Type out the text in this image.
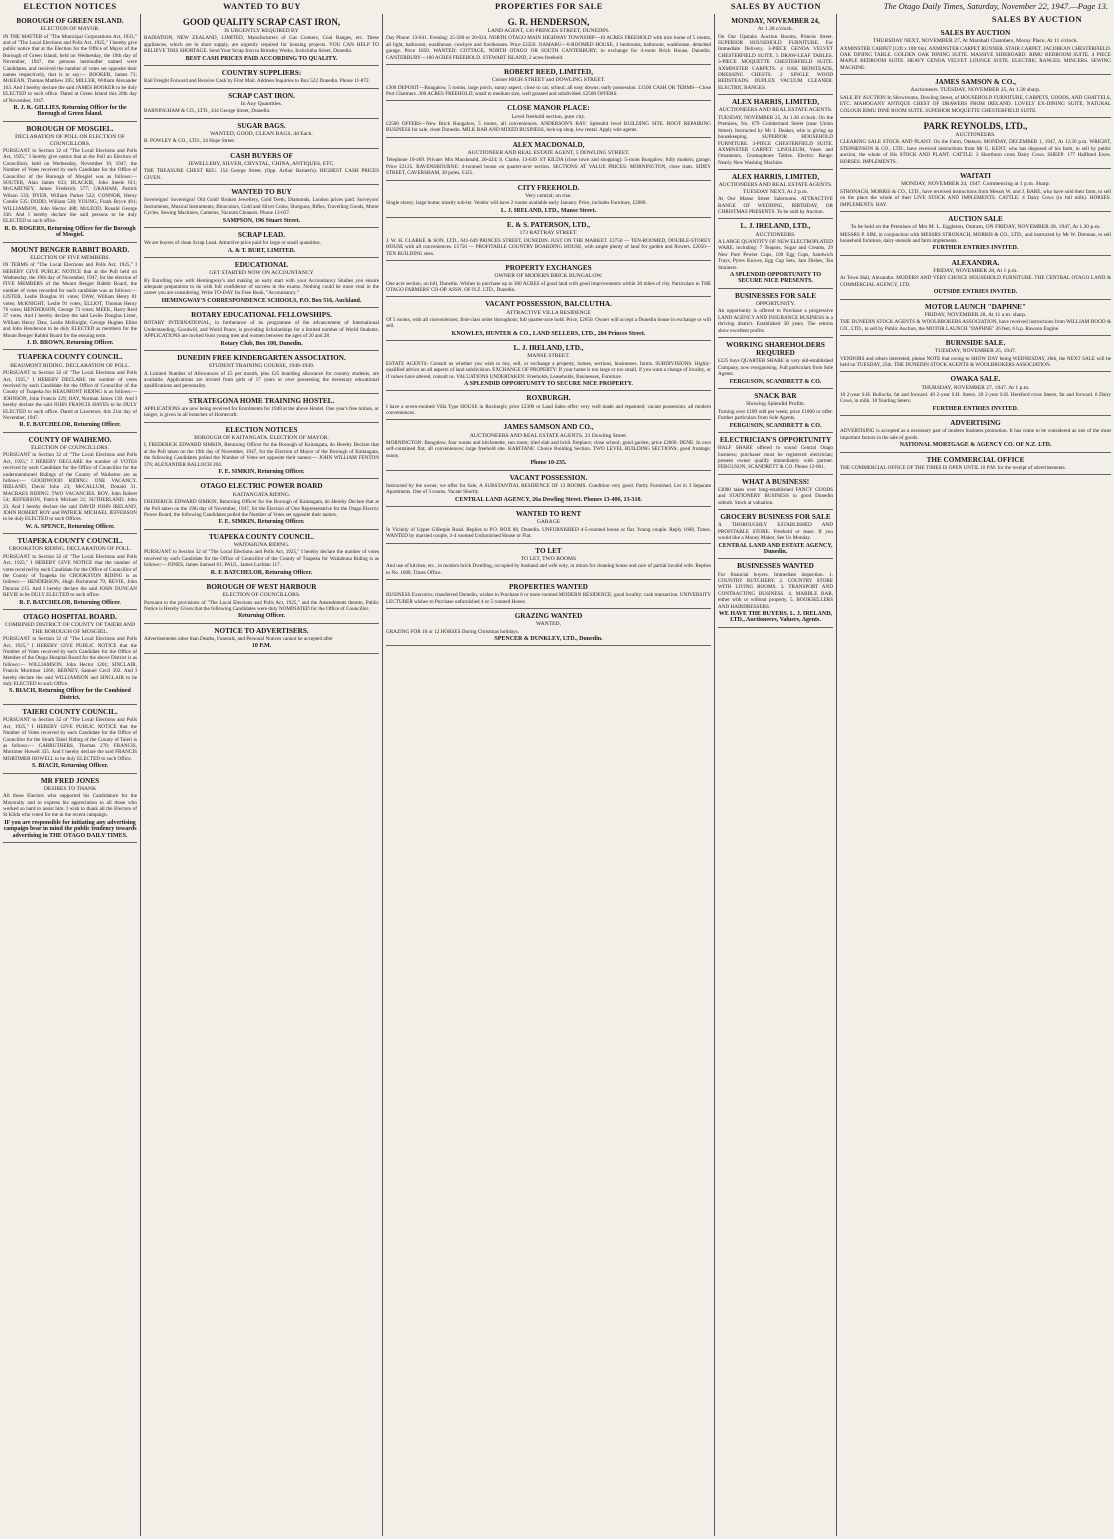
ELECTION NOTICES	WANTED TO BUY	PROPERTIES FOR SALE	SALES BY AUCTION
SALES BY AUCTION
The Otago Daily Times, Saturday, November 22, 1947.—Page 13.
BOROUGH OF GREEN ISLAND.
ELECTION OF MAYOR.
IN THE MATTER of "The Municipal Corporations Act, 1933," and of "The Local Elections and Polls Act, 1925," I hereby give public notice that at the Election for the Office of Mayor of the Borough of Green Island, held on Wednesday, the 19th day of November, 1947, the persons hereinafter named were Candidates, and received the number of votes set opposite their names respectively, that is to say:— BOOKER, James 71; McKEAN, Thomas Matthew 285; MILLER, William Alexander 163. And I hereby declare the said JAMES BOOKER to be duly ELECTED to such office. Dated at Green Island this 20th day of November, 1947.
R. J. K. GILLIES, Returning Officer for the Borough of Green Island.
BOROUGH OF MOSGIEL.
DECLARATION OF POLL ON ELECTION OF COUNCILLORS.
PURSUANT to Section 32 of "The Local Elections and Polls Act, 1925," I hereby give notice that at the Poll on Election of Councillors, held on Wednesday, November 19, 1947, the Number of Votes received by each Candidate for the Office of Councillor of the Borough of Mosgiel was as follows:— SOUTER, Alan James 633; BLACKIE, John Steele 611; McCARTNEY, James Frederick 577; GRAHAM, Patrick Wilson 533; DYER, William Parker 532; CONNOR, Henry Condie 535; DODD, William 538; YOUNG, Frank Bryce 491; WILLIAMSON, John Hector 488; McLEOD, Ronald George 336. And I hereby declare the said persons to be duly ELECTED to such office.
R. D. ROGERS, Returning Officer for the Borough of Mosgiel.
MOUNT BENGER RABBIT BOARD.
ELECTION OF FIVE MEMBERS.
IN TERMS of "The Local Elections and Polls Act, 1925," I HEREBY GIVE PUBLIC NOTICE that at the Poll held on Wednesday, the 19th day of November, 1947, for the election of FIVE MEMBERS of the Mount Benger Rabbit Board, the number of votes recorded for each candidate was as follows:— LISTER, Leslie Douglas 81 votes; DAW, William Henry 81 votes; McKNIGHT, Leslie 91 votes; ELLIOT, Thomas Henry 76 votes; HENDERSON, George 73 votes; MEEK, Harry Reid 37 votes. And I hereby declare the said Leslie Douglas Lister, William Henry Daw, Leslie McKnight, George Hughes Elliot and John Henderson to be duly ELECTED as members for the Mount Benger Rabbit Board for the ensuing term.
J. D. BROWN, Returning Officer.
TUAPEKA COUNTY COUNCIL.
BEAUMONT RIDING. DECLARATION OF POLL.
PURSUANT to Section 32 of "The Local Elections and Polls Act, 1925," I HEREBY DECLARE the number of votes received by each Candidate for the Office of Councillor of the County of Tuapeka for BEAUMONT RIDING is as follows:— JOHNSON, John Francis 129; HAY, Norman James 139. And I hereby declare the said JOHN FRANCIS HAYES to be DULY ELECTED to such office. Dated at Lawrence, this 21st day of November, 1947.
R. F. BATCHELOR, Returning Officer.
COUNTY OF WAIHEMO.
ELECTION OF COUNCILLORS.
PURSUANT to Section 32 of "The Local Elections and Polls Act, 1925," I HEREBY DECLARE the number of VOTES received by each Candidate for the Office of Councillor for the undermentioned Ridings of the County of Waihemo are as follows:— GOODWOOD RIDING: ONE VACANCY. IRELAND, David John 23; McCALLUM, Donald 31. MACRAES RIDING: TWO VACANCIES. ROY, John Robert 54; JEFFERSON, Patrick Michael 31; SUTHERLAND, John 23. And I hereby declare the said DAVID JOHN IRELAND, JOHN ROBERT ROY and PATRICK MICHAEL JEFFERSON to be duly ELECTED to such Offices.
W. A. SPENCE, Returning Officer.
TUAPEKA COUNTY COUNCIL.
CROOKSTON RIDING. DECLARATION OF POLL.
PURSUANT to Section 32 of "The Local Elections and Polls Act, 1925," I HEREBY GIVE NOTICE that the number of votes received by each Candidate for the Office of Councillor of the County of Tuapeka for CROOKSTON RIDING is as follows:— HENDERSON, Hugh Richmond 79; REVIE, John Duncan 215. And I hereby declare the said JOHN DUNCAN REVIE to be DULY ELECTED to such office.
R. F. BATCHELOR, Returning Officer.
OTAGO HOSPITAL BOARD.
COMBINED DISTRICT OF COUNTY OF TAIERI AND THE BOROUGH OF MOSGIEL.
PURSUANT to Section 32 of "The Local Elections and Polls Act, 1925," I HEREBY GIVE PUBLIC NOTICE that the Number of Votes received by each Candidate for the Office of Member of the Otago Hospital Board for the above District is as follows:— WILLIAMSON, John Hector 1201; SINCLAIR, Francis Mortimer 1266; BERNEY, Samuel Cecil 392. And I hereby declare the said WILLIAMSON and SINCLAIR to be duly ELECTED to such Office.
S. BIACH, Returning Officer for the Combined District.
TAIERI COUNTY COUNCIL.
PURSUANT to Section 32 of "The Local Elections and Polls Act, 1925," I HEREBY GIVE PUBLIC NOTICE that the Number of Votes received by each Candidate for the Office of Councillor for the Strath Taieri Riding of the County of Taieri is as follows:— CARRUTHERS, Thomas 270; FRANCIS, Mortimer Howell 335. And I hereby declare the said FRANCIS MORTIMER HOWELL to be duly ELECTED to such Office.
S. BIACH, Returning Officer.
MR FRED JONES
DESIRES TO THANK
All those Electors who supported his Candidature for the Mayoralty and to express his appreciation to all those who worked so hard to assist him. I wish to thank all the Electors of St Kilda who voted for me in the recent campaign.
IF you are responsible for initiating any advertising campaign bear in mind the public tendency towards advertising in THE OTAGO DAILY TIMES.
GOOD QUALITY SCRAP CAST IRON,
IS URGENTLY REQUIRED BY
RADIATION, NEW ZEALAND, LIMITED, Manufacturers of Gas Cookers, Coal Ranges, etc. These appliances, which are in short supply, are urgently required for housing projects. YOU CAN HELP TO RELIEVE THIS SHORTAGE. Send Your Scrap Iron to Brinsley Works, Inchclutha Street, Dunedin.
BEST CASH PRICES PAID ACCORDING TO QUALITY.
COUNTRY SUPPLIERS:
Rail Freight Forward and Receive Cash by First Mail. Address Inquiries to Box 522 Dunedin. Phone 11-872.
SCRAP CAST IRON.
In Any Quantities.
BARNINGHAM & CO., LTD., 434 George Street, Dunedin.
SUGAR BAGS.
WANTED, GOOD, CLEAN BAGS, 4d Each.
R. POWLEY & CO., LTD., 24 Hope Street.
CASH BUYERS OF
JEWELLERY, SILVER, CRYSTAL, CHINA, ANTIQUES, ETC.
THE TREASURE CHEST REG. 154 George Street. (Opp. Arthur Barnett's). HIGHEST CASH PRICES GIVEN.
WANTED TO BUY
Sovereigns! Sovereigns! Old Gold! Broken Jewellery, Gold Teeth, Diamonds, London prices paid. Surveyors' Instruments, Musical Instruments, Binoculars, Gold and Silver Coins, Shotguns, Rifles, Travelling Goods, Motor Cycles, Sewing Machines, Cameras, Vacuum Cleaners. Phone 13-637.
SAMPSON, 196 Stuart Street.
SCRAP LEAD.
We are buyers of clean Scrap Lead. Attractive price paid for large or small quantities.
A. & T. BURT, LIMITED.
EDUCATIONAL
GET STARTED NOW ON ACCOUNTANCY
By Enrolling now with Hemingway's and making an early start with your Accountancy Studies you ensure adequate preparation to do with full confidence of success in the exams. Nothing could be more vital in the career you are considering. Write TO-DAY for Free Book, "Accountancy."
HEMINGWAY'S CORRESPONDENCE SCHOOLS, P.O. Box 516, Auckland.
ROTARY EDUCATIONAL FELLOWSHIPS.
ROTARY INTERNATIONAL, in furtherance of its programme of the advancement of International Understanding, Goodwill, and World Peace, is providing Scholarships for a limited number of World Students. APPLICATIONS are invited from young men and women between the ages of 20 and 28.
Rotary Club, Box 108, Dunedin.
DUNEDIN FREE KINDERGARTEN ASSOCIATION.
STUDENT TRAINING COURSE, 1948-1949.
A Limited Number of Allowances of £5 per month, plus £25 boarding allowance for country students, are available. Applications are invited from girls of 17 years or over possessing the necessary educational qualifications and personality.
STRATEGONA HOME TRAINING HOSTEL.
APPLICATIONS are now being received for Enrolments for 1948 at the above Hostel. One year's free tuition, or longer, is given in all branches of Homecraft.
ELECTION NOTICES
BOROUGH OF KAITANGATA. ELECTION OF MAYOR.
I, FREDERICK EDWARD SIMKIN, Returning Officer for the Borough of Kaitangata, do Hereby Declare that at the Poll taken on the 19th day of November, 1947, for the Election of Mayor of the Borough of Kaitangata, the following Candidates polled the Number of Votes set opposite their names:— JOHN WILLIAM FENTON 376; ALEXANDER BALLOCH 204.
F. E. SIMKIN, Returning Officer.
OTAGO ELECTRIC POWER BOARD
KAITANGATA RIDING.
FREDERICK EDWARD SIMKIN, Returning Officer for the Borough of Kaitangata, do Hereby Declare that at the Poll taken on the 19th day of November, 1947, for the Election of One Representative for the Otago Electric Power Board, the following Candidates polled the Number of Votes set opposite their names.
F. E. SIMKIN, Returning Officer.
TUAPEKA COUNTY COUNCIL.
WAITAHUNA RIDING.
PURSUANT to Section 32 of "The Local Elections and Polls Act, 1925," I hereby declare the number of votes received by each Candidate for the Office of Councillor of the County of Tuapeka for Waitahuna Riding is as follows:— JONES, James Samuel 61; PAUL, James Lachlan 117.
R. F. BATCHELOR, Returning Officer.
BOROUGH OF WEST HARBOUR
ELECTION OF COUNCILLORS.
Pursuant to the provisions of "The Local Elections and Polls Act, 1925," and the Amendments thereto, Public Notice is Hereby Given that the following Candidates were duly NOMINATED for the Office of Councillor.
Returning Officer.
NOTICE TO ADVERTISERS.
Advertisements other than Deaths, Funerals, and Personal Notices cannot be accepted after
10 P.M.
G. R. HENDERSON,
LAND AGENT, 136 PRINCES STREET, DUNEDIN.
Day Phone: 13-641. Evening: 25-580 or 20-024. NORTH OTAGO MAIN HIGHWAY TOWNSHIP—10 ACRES FREEHOLD with nice home of 5 rooms, all light, bathroom, washhouse, cowbyre and fowlhouses. Price £2350. OAMARU—6-ROOMED HOUSE, 3 bedrooms, bathroom, washhouse, detached garage. Price £850. WANTED: COTTAGE, NORTH OTAGO OR SOUTH CANTERBURY, in exchange for 4-room Brick House, Dunedin. CANTERBURY—160 ACRES FREEHOLD. STEWART ISLAND, 2 acres freehold.
ROBERT REED, LIMITED,
Corner HIGH STREET and DOWLING STREET.
£300 DEPOSIT—Bungalow, 5 rooms, large porch, sunny aspect, close to car, school; all easy downs; early possession. £1500 CASH OR TERMS—Close Port Chalmers. 300 ACRES FREEHOLD; small to medium size, well grassed and subdivided. £2500 OFFERS.
CLOSE MANOR PLACE:
Level freehold section, pure city.
£2500 OFFERS—New Brick Bungalow, 5 rooms, all conveniences. ANDERSON'S BAY: Splendid level BUILDING SITE. BOOT REPAIRING BUSINESS for sale, close Dunedin. MILK BAR AND MIXED BUSINESS, lock-up shop, low rental. Apply sole agents.
ALEX MACDONALD,
AUCTIONEER AND REAL ESTATE AGENT, 5 DOWLING STREET.
Telephone 10-469. Private: Mrs Macdonald, 20-424; S. Clarke, 13-639. ST KILDA (close town and shopping): 5-room Bungalow, fully modern, garage. Price £2125. RAVENSBOURNE: 4-roomed house on quarter-acre section. SECTIONS AT VALUE PRICES: MORNINGTON, close tram. SIDEY STREET, CAVERSHAM, 30 poles, £325.
CITY FREEHOLD.
Very central; on rise.
Single storey; large home; mostly sub-let. Vendor will have 2 rooms available early January. Price, includes Furniture, £2000.
L. J. IRELAND, LTD., Manse Street.
E. & S. PATERSON, LTD.,
173 RATTRAY STREET.
J. W. H. CLARKE & SON, LTD., 641-649 PRINCES STREET, DUNEDIN. JUST ON THE MARKET. £3750 — TEN-ROOMED, DOUBLE-STOREY HOUSE with all conveniences. £1750 — PROFITABLE COUNTRY BOARDING HOUSE, with ample plenty of land for garden and flowers. £2050—TEN BUILDING sites.
PROPERTY EXCHANGES
OWNER OF MODERN BRICK BUNGALOW.
One acre section, on hill, Dunedin. Wishes to purchase up to 300 ACRES of good land with good improvements within 30 miles of city. Particulars to THE OTAGO FARMERS' CO-OP. ASSN. OF N.Z. LTD., Dunedin.
VACANT POSSESSION, BALCLUTHA.
ATTRACTIVE VILLA RESIDENCE
Of 5 rooms, with all conveniences; first-class order throughout; full quarter-acre hold. Price, £2650. Owner will accept a Dunedin house in exchange or will sell.
KNOWLES, HUNTER & CO., LAND SELLERS, LTD., 204 Princes Street.
L. J. IRELAND, LTD.,
MANSE STREET.
ESTATE AGENTS: Consult us whether you wish to buy, sell, or exchange a property, homes, sections, businesses, farms. SUBDIVISIONS: Highly-qualified advice on all aspects of land subdivision. EXCHANGE OF PROPERTY: If your home is too large or too small, if you want a change of locality, or if values have altered, consult us. VALUATIONS UNDERTAKEN: Freeholds, Leaseholds, Businesses, Furniture.
A SPLENDID OPPORTUNITY TO SECURE NICE PROPERTY.
ROXBURGH.
I have a seven-roomed Villa Type HOUSE in Roxburgh; price £2300 or Land Sales offer; very well made and repainted; vacant possession; all modern conveniences.
JAMES SAMSON AND CO.,
AUCTIONEERS AND REAL ESTATE AGENTS, 23 Dowling Street.
MORNINGTON: Bungalow, four rooms and kitchenette, sun room; tiled slab and brick fireplace; close school; good garden; price £2600. DENE: In own self-contained flat; all conveniences; large freehold site. KARITANE: Choice Building Section. TWO LEVEL BUILDING SECTIONS; good frontage; sunny.
Phone 10-235.
VACANT POSSESSION.
Instructed by the owner, we offer for Sale, A SUBSTANTIAL RESIDENCE OF 13 ROOMS. Condition very good. Partly Furnished. Let in 3 Separate Apartments. One of 3 rooms, Vacant Shortly.
CENTRAL LAND AGENCY, 26a Dowling Street. Phones 13-406, 13-310.
WANTED TO RENT
GARAGE
In Vicinity of Upper Gillespie Road. Replies to P.O. BOX 88, Dunedin. UNFURNISHED 4-5-roomed house or flat. Young couple. Reply 1608, Times. WANTED by married couple, 3-4 roomed Unfurnished House or Flat.
TO LET
TO LET, TWO ROOMS
And use of kitchen, etc., in modern brick Dwelling, occupied by husband and wife only, in return for cleaning house and care of partial invalid wife. Replies to No. 1608, Times Office.
PROPERTIES WANTED
BUSINESS Executive, transferred Dunedin, wishes to Purchase 6 or more roomed MODERN RESIDENCE; good locality; cash transaction. UNIVERSITY LECTURER wishes to Purchase unfurnished 4 or 5 roomed House.
GRAZING WANTED
WANTED,
GRAZING FOR 10 or 12 HORSES During Christmas holidays.
SPENCER & DUNKLEY, LTD., Dunedin.
MONDAY, NOVEMBER 24,
At 1.30 o'clock.
On Our Upstairs Auction Rooms, Princes Street. SUPERIOR HOUSEHOLD FURNITURE. For Immediate Delivery. 3-PIECE GENOA VELVET CHESTERFIELD SUITE. 5 DRAW-LEAF TABLES. 3-PIECE MOQUETTE CHESTERFIELD SUITE. AXMINSTER CARPETS. 4 OAK BEDSTEADS, DRESSING CHESTS. 2 SINGLE WOOD BEDSTEADS. DUPLEX VACUUM CLEANER. ELECTRIC RANGES.
ALEX HARRIS, LIMITED,
AUCTIONEERS AND REAL ESTATE AGENTS.
TUESDAY, NOVEMBER 25, At 1.30 o'clock. On the Premises, No. 679 Cumberland Street (near Union Street). Instructed by Mr J. Deaker, who is giving up housekeeping. SUPERIOR HOUSEHOLD FURNITURE. 3-PIECE CHESTERFIELD SUITE. AXMINSTER CARPET. LINOLEUM, Vases and Ornaments, Gramophone Tables. Electric Range. Nearly New Washing Machine.
ALEX HARRIS, LIMITED,
AUCTIONEERS AND REAL ESTATE AGENTS. TUESDAY NEXT, At 2 p.m.
At Our Manse Street Salerooms. ATTRACTIVE RANGE OF WEDDING, BIRTHDAY, OR CHRISTMAS PRESENTS. To be sold by Auction.
L. J. IRELAND, LTD.,
AUCTIONEERS.
A LARGE QUANTITY OF NEW ELECTROPLATED WARE, including: 7 Teapots, Sugar and Creams, 29 New Pure Pewter Cups, 100 Egg Cups, Sandwich Trays, Pyrex Knives, Egg Cup Sets, Jam Dishes, Tea Strainers.
A SPLENDID OPPORTUNITY TO SECURE NICE PRESENTS.
BUSINESSES FOR SALE
OPPORTUNITY.
An opportunity is offered to Purchase a progressive LAND AGENCY AND INSURANCE BUSINESS in a thriving district. Established 30 years. The returns show excellent profits.
WORKING SHAREHOLDERS REQUIRED
£225 buys QUARTER SHARE in very old-established Company, now reorganising. Full particulars from Sole Agents.
FERGUSON, SCANDRETT & CO.
SNACK BAR
Showing Splendid Profits.
Turning over £100 odd per week; price £1800 or offer. Further particulars from Sole Agents.
FERGUSON, SCANDRETT & CO.
ELECTRICIAN'S OPPORTUNITY
HALF SHARE offered in sound Central Otago business; purchaser must be registered electrician; present owner qualify immediately with partner. FERGUSON, SCANDRETT & CO. Phone 12-061.
WHAT A BUSINESS!
£3000 takes over long-established FANCY GOODS and STATIONERY BUSINESS in good Dunedin suburb. Stock at valuation.
GROCERY BUSINESS FOR SALE
A THOROUGHLY ESTABLISHED AND PROFITABLE STORE. Freehold or lease. If you would like a Money Maker, See Us Monday.
CENTRAL LAND AND ESTATE AGENCY, Dunedin.
BUSINESSES WANTED
For financial buyers. Immediate inspection. 1. COUNTRY BUTCHERY. 2. COUNTRY STORE WITH LIVING ROOMS. 3. TRANSPORT AND CONTRACTING BUSINESS. 4. MARBLE BAR, either with or without property. 5. BOOKSELLERS AND HAIRDRESSERS.
WE HAVE THE BUYERS. L. J. IRELAND, LTD., Auctioneers, Valuers, Agents.
SALES BY AUCTION
THURSDAY NEXT, NOVEMBER 27, At Marshall Chambers, Moray Place, At 11 o'clock.
AXMINSTER CARPET (12ft x 10ft 6in). AXMINSTER CARPET RUNNER. STAIR CARPET. JACOBEAN CHESTERFIELD. OAK DINING TABLE. GOLDEN OAK DINING SUITE. MASSIVE SIDEBOARD. RIMU BEDROOM SUITE. 4 PIECE MAPLE BEDROOM SUITE. HEAVY GENOA VELVET LOUNGE SUITE. ELECTRIC RANGES. MINCERS. SEWING MACHINE.
JAMES SAMSON & CO.,
Auctioneers. TUESDAY, NOVEMBER 25, At 1.30 sharp.
SALE BY AUCTION In Showrooms, Dowling Street, of HOUSEHOLD FURNITURE, CARPETS, GOODS, AND CHATTELS, ETC. MAHOGANY ANTIQUE CHEST OF DRAWERS FROM IRELAND. LOVELY EX-DINING SUITE. NATURAL COLOUR RIMU DINE ROOM SUITE. SUPERIOR MOQUETTE CHESTERFIELD SUITE.
PARK REYNOLDS, LTD.,
AUCTIONEERS.
CLEARING SALE STOCK AND PLANT. On the Farm, Otekura. MONDAY, DECEMBER 1, 1947, At 12.30 p.m. WRIGHT, STEPHENSON & CO., LTD., have received instructions from Mr G. KENT, who has disposed of his farm, to sell by public auction, the whole of His STOCK AND PLANT. CATTLE: 3 Shorthorn cross Dairy Cows. SHEEP: 177 Halfbred Ewes. HORSES. IMPLEMENTS.
WAITATI
MONDAY, NOVEMBER 24, 1947. Commencing at 1 p.m. Sharp.
STRONACH, MORRIS & CO., LTD., have received instructions from Messrs W. and J. BARE, who have sold their farm, to sell on the place the whole of their LIVE STOCK AND IMPLEMENTS. CATTLE: 4 Dairy Cows (in full milk). HORSES. IMPLEMENTS. HAY.
AUCTION SALE
To be held on the Premises of Mrs M. L. Eggleton, Outram, ON FRIDAY, NOVEMBER 28, 1947, At 1.30 p.m.
MESSRS P. SIM, in conjunction with MESSRS STRONACH, MORRIS & CO., LTD., and instructed by Mr W. Drennan, to sell household furniture, dairy utensils and farm implements.
FURTHER ENTRIES INVITED.
ALEXANDRA.
FRIDAY, NOVEMBER 28, At 1 p.m.
At Town Hall, Alexandra. MODERN AND VERY CHOICE HOUSEHOLD FURNITURE. THE CENTRAL OTAGO LAND & COMMERCIAL AGENCY, LTD.
OUTSIDE ENTRIES INVITED.
MOTOR LAUNCH "DAPHNE"
FRIDAY, NOVEMBER 28, At 11 a.m. sharp.
THE DUNEDIN STOCK AGENTS & WOOLBROKERS ASSOCIATION, have received instructions from WILLIAM HOOD & CO., LTD., to sell by Public Auction, the MOTOR LAUNCH "DAPHNE" 26 feet, 6 h.p. Rawson Engine.
BURNSIDE SALE.
TUESDAY, NOVEMBER 25, 1947.
VENDORS and others interested, please NOTE that owing to SHOW DAY being WEDNESDAY, 26th, the NEXT SALE will be held on TUESDAY, 25th. THE DUNEDIN STOCK AGENTS & WOOLBROKERS ASSOCIATION.
OWAKA SALE.
THURSDAY, NOVEMBER 27, 1947. At 1 p.m.
10 2-year S.H. Bullocks, fat and forward. 40 2-year S.H. Steers. 20 2-year S.H. Hereford cross Steers, fat and forward. 6 Dairy Cows, in milk. 18 Yearling Steers.
FURTHER ENTRIES INVITED.
ADVERTISING
ADVERTISING is accepted as a necessary part of modern business promotion. It has come to be considered as one of the most important factors in the sale of goods.
NATIONAL MORTGAGE & AGENCY CO. OF N.Z. LTD.
THE COMMERCIAL OFFICE
THE COMMERCIAL OFFICE OF THE TIMES IS OPEN UNTIL 10 P.M. for the receipt of advertisements.
